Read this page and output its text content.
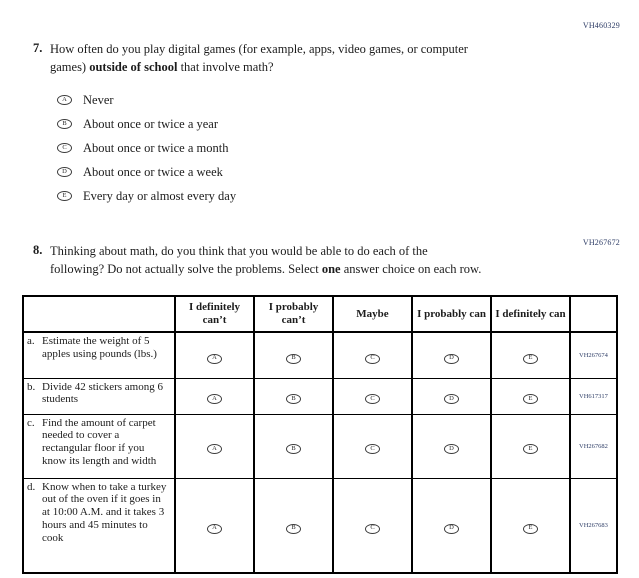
VH460329
VH267672
7. How often do you play digital games (for example, apps, video games, or computer
games) outside of school that involve math?
A Never
B About once or twice a year
C About once or twice a month
D About once or twice a week
E Every day or almost every day
8. Thinking about math, do you think that you would be able to do each of the
following? Do not actually solve the problems. Select one answer choice on each row.
	I definitely can’t	I probably can’t	Maybe	I probably can	I definitely can	

a. Estimate the weight of 5 apples using pounds (lbs.)	A	B	C	D	E	VH267674

b. Divide 42 stickers among 6 students	A	B	C	D	E	VH617317

c. Find the amount of carpet needed to cover a rectangular floor if you know its length and width	A	B	C	D	E	VH267682

d. Know when to take a turkey out of the oven if it goes in at 10:00 A.M. and it takes 3 hours and 45 minutes to cook	A	B	C	D	E	VH267683
